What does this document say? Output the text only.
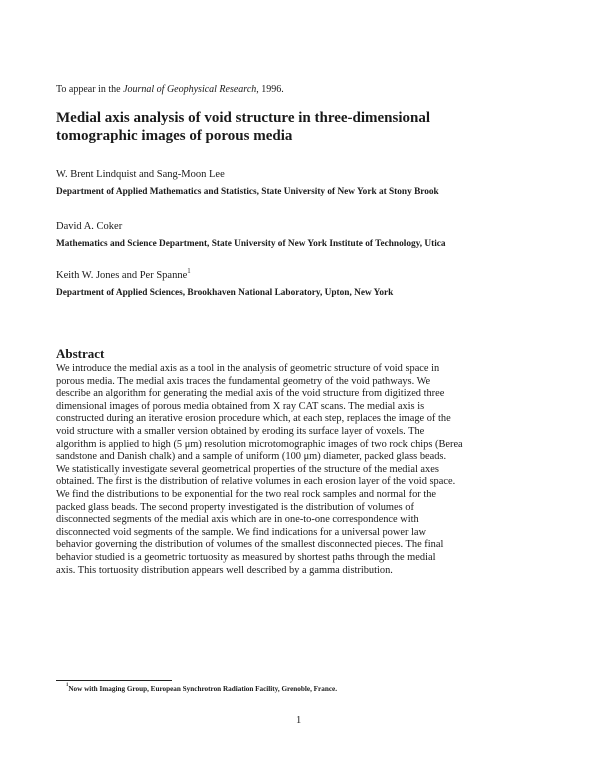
To appear in the Journal of Geophysical Research, 1996.
Medial axis analysis of void structure in three-dimensional
tomographic images of porous media
W. Brent Lindquist and Sang-Moon Lee
Department of Applied Mathematics and Statistics, State University of New York at Stony Brook
David A. Coker
Mathematics and Science Department, State University of New York Institute of Technology, Utica
Keith W. Jones and Per Spanne$^1$
Department of Applied Sciences, Brookhaven National Laboratory, Upton, New York
Abstract
We introduce the medial axis as a tool in the analysis of geometric structure of void space in
porous media. The medial axis traces the fundamental geometry of the void pathways. We
describe an algorithm for generating the medial axis of the void structure from digitized three
dimensional images of porous media obtained from X ray CAT scans. The medial axis is
constructed during an iterative erosion procedure which, at each step, replaces the image of the
void structure with a smaller version obtained by eroding its surface layer of voxels. The
algorithm is applied to high (5 μm) resolution microtomographic images of two rock chips (Berea
sandstone and Danish chalk) and a sample of uniform (100 μm) diameter, packed glass beads.
We statistically investigate several geometrical properties of the structure of the medial axes
obtained. The first is the distribution of relative volumes in each erosion layer of the void space.
We find the distributions to be exponential for the two real rock samples and normal for the
packed glass beads. The second property investigated is the distribution of volumes of
disconnected segments of the medial axis which are in one-to-one correspondence with
disconnected void segments of the sample. We find indications for a universal power law
behavior governing the distribution of volumes of the smallest disconnected pieces. The final
behavior studied is a geometric tortuosity as measured by shortest paths through the medial
axis. This tortuosity distribution appears well described by a gamma distribution.
$^1$Now with Imaging Group, European Synchrotron Radiation Facility, Grenoble, France.
1
